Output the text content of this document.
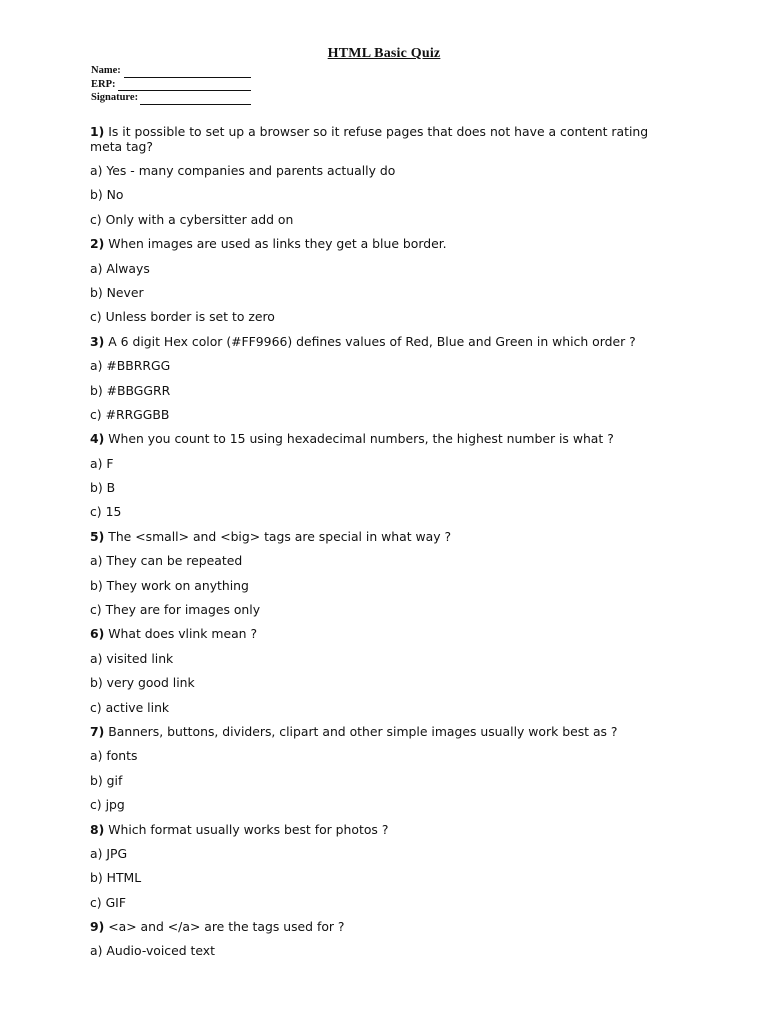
HTML Basic Quiz
Name:
ERP:
Signature:

1) Is it possible to set up a browser so it refuse pages that does not have a content rating meta tag?

a) Yes - many companies and parents actually do

b) No

c) Only with a cybersitter add on

2) When images are used as links they get a blue border.

a) Always

b) Never

c) Unless border is set to zero

3) A 6 digit Hex color (#FF9966) defines values of Red, Blue and Green in which order ?

a) #BBRRGG

b) #BBGGRR

c) #RRGGBB

4) When you count to 15 using hexadecimal numbers, the highest number is what ?

a) F

b) B

c) 15

5) The <small> and <big> tags are special in what way ?

a) They can be repeated

b) They work on anything

c) They are for images only

6) What does vlink mean ?

a) visited link

b) very good link

c) active link

7) Banners, buttons, dividers, clipart and other simple images usually work best as ?

a) fonts

b) gif

c) jpg

8) Which format usually works best for photos ?

a) JPG

b) HTML

c) GIF

9) <a> and </a> are the tags used for ?

a) Audio-voiced text
